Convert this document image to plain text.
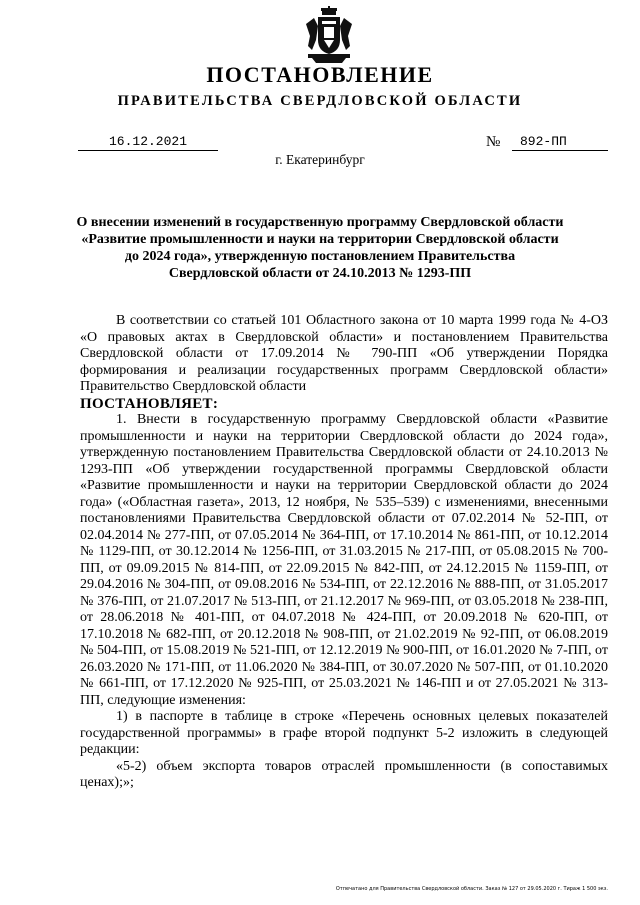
ПОСТАНОВЛЕНИЕ
ПРАВИТЕЛЬСТВА СВЕРДЛОВСКОЙ ОБЛАСТИ
16.12.2021	№	892-ПП
г. Екатеринбург
О внесении изменений в государственную программу Свердловской области
«Развитие промышленности и науки на территории Свердловской области
до 2024 года», утвержденную постановлением Правительства
Свердловской области от 24.10.2013 № 1293-ПП

В соответствии со статьей 101 Областного закона от 10 марта 1999 года № 4-ОЗ «О правовых актах в Свердловской области» и постановлением Правительства Свердловской области от 17.09.2014 № 790-ПП «Об утверждении Порядка формирования и реализации государственных программ Свердловской области» Правительство Свердловской области

ПОСТАНОВЛЯЕТ:

1. Внести в государственную программу Свердловской области «Развитие промышленности и науки на территории Свердловской области до 2024 года», утвержденную постановлением Правительства Свердловской области от 24.10.2013 № 1293-ПП «Об утверждении государственной программы Свердловской области «Развитие промышленности и науки на территории Свердловской области до 2024 года» («Областная газета», 2013, 12 ноября, № 535–539) с изменениями, внесенными постановлениями Правительства Свердловской области от 07.02.2014 № 52-ПП, от 02.04.2014 № 277-ПП, от 07.05.2014 № 364-ПП, от 17.10.2014 № 861-ПП, от 10.12.2014 № 1129-ПП, от 30.12.2014 № 1256-ПП, от 31.03.2015 № 217-ПП, от 05.08.2015 № 700-ПП, от 09.09.2015 № 814-ПП, от 22.09.2015 № 842-ПП, от 24.12.2015 № 1159-ПП, от 29.04.2016 № 304-ПП, от 09.08.2016 № 534-ПП, от 22.12.2016 № 888-ПП, от 31.05.2017 № 376-ПП, от 21.07.2017 № 513-ПП, от 21.12.2017 № 969-ПП, от 03.05.2018 № 238-ПП, от 28.06.2018 № 401-ПП, от 04.07.2018 № 424-ПП, от 20.09.2018 № 620-ПП, от 17.10.2018 № 682-ПП, от 20.12.2018 № 908-ПП, от 21.02.2019 № 92-ПП, от 06.08.2019 № 504-ПП, от 15.08.2019 № 521-ПП, от 12.12.2019 № 900-ПП, от 16.01.2020 № 7-ПП, от 26.03.2020 № 171-ПП, от 11.06.2020 № 384-ПП, от 30.07.2020 № 507-ПП, от 01.10.2020 № 661-ПП, от 17.12.2020 № 925-ПП, от 25.03.2021 № 146-ПП и от 27.05.2021 № 313-ПП, следующие изменения:

1) в паспорте в таблице в строке «Перечень основных целевых показателей государственной программы» в графе второй подпункт 5-2 изложить в следующей редакции:

«5-2) объем экспорта товаров отраслей промышленности (в сопоставимых ценах);»;

Отпечатано для Правительства Свердловской области. Заказ № 127 от 29.05.2020 г. Тираж 1 500 экз.
